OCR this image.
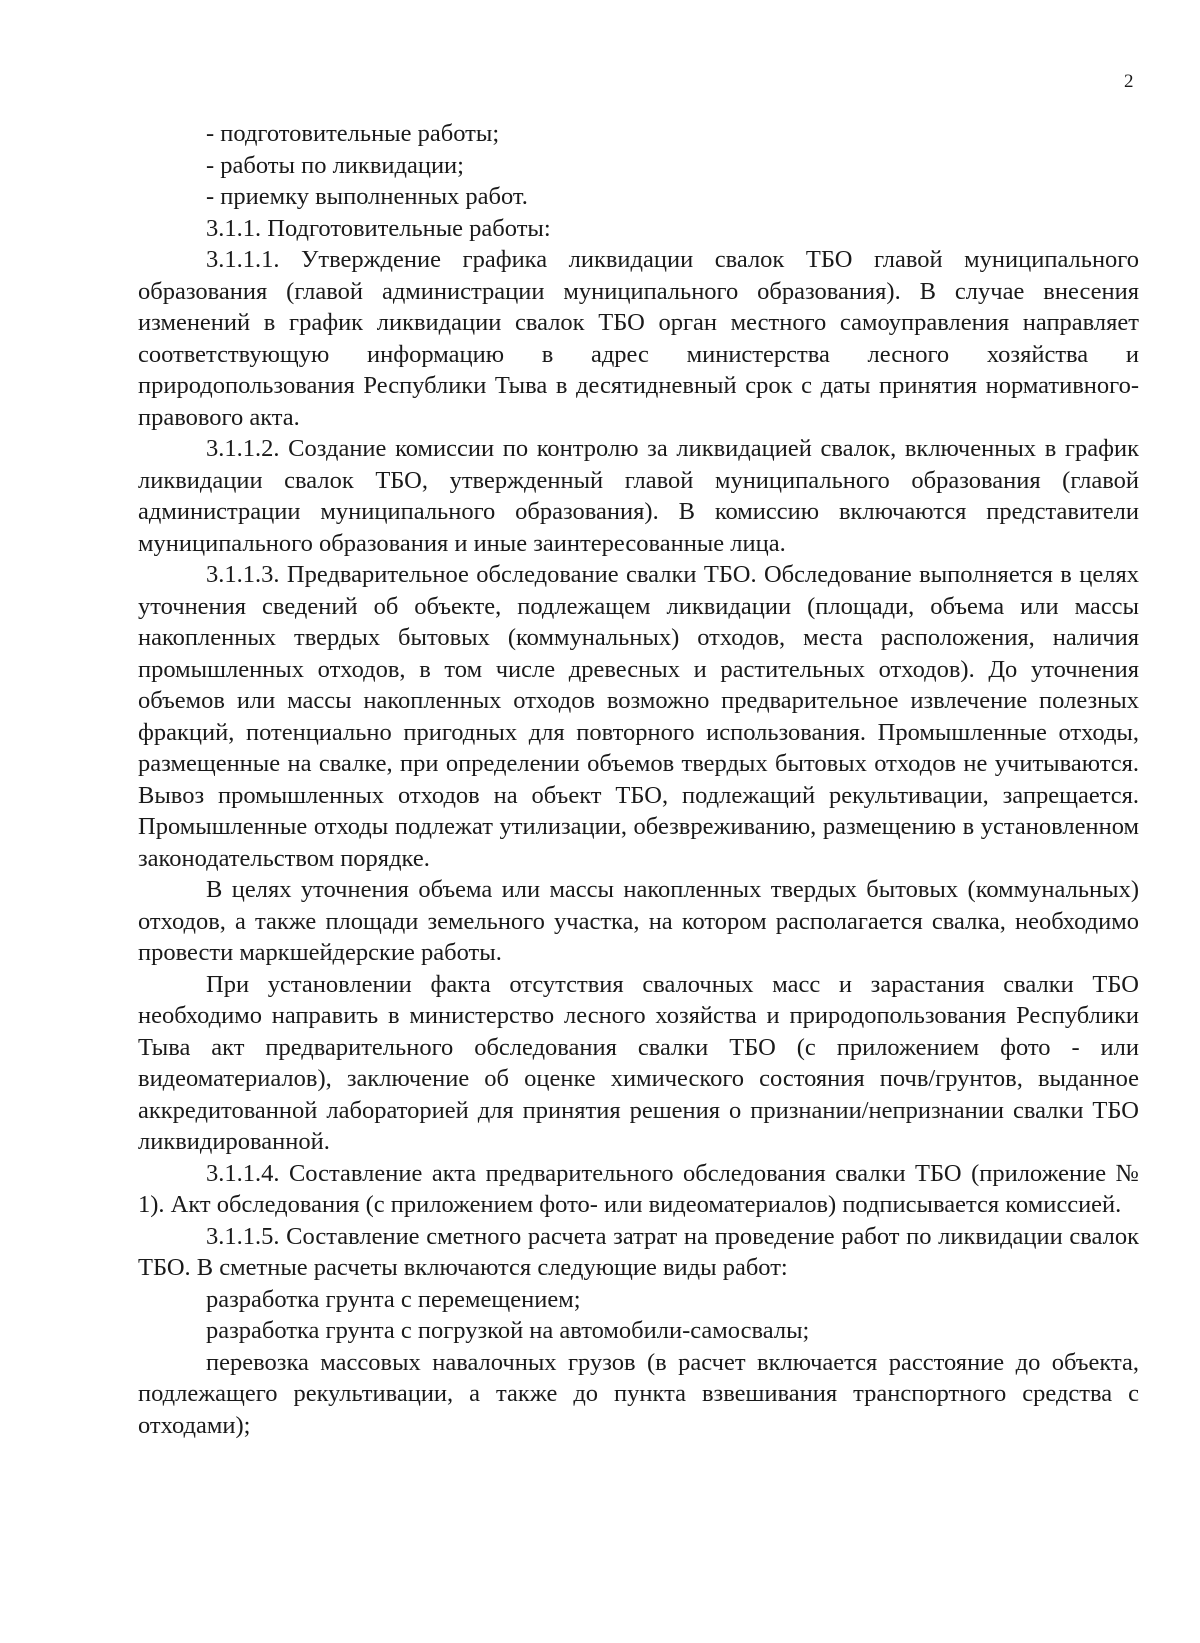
2

- подготовительные работы;

- работы по ликвидации;

- приемку выполненных работ.

3.1.1. Подготовительные работы:

3.1.1.1. Утверждение графика ликвидации свалок ТБО главой муниципального образования (главой администрации муниципального образования). В случае внесения изменений в график ликвидации свалок ТБО орган местного самоуправления направляет соответствующую информацию в адрес министерства лесного хозяйства и природопользования Республики Тыва в десятидневный срок с даты принятия нормативного-правового акта.

3.1.1.2. Создание комиссии по контролю за ликвидацией свалок, включенных в график ликвидации свалок ТБО, утвержденный главой муниципального образования (главой администрации муниципального образования). В комиссию включаются представители муниципального образования и иные заинтересованные лица.

3.1.1.3. Предварительное обследование свалки ТБО. Обследование выполняется в целях уточнения сведений об объекте, подлежащем ликвидации (площади, объема или массы накопленных твердых бытовых (коммунальных) отходов, места расположения, наличия промышленных отходов, в том числе древесных и растительных отходов). До уточнения объемов или массы накопленных отходов возможно предварительное извлечение полезных фракций, потенциально пригодных для повторного использования. Промышленные отходы, размещенные на свалке, при определении объемов твердых бытовых отходов не учитываются. Вывоз промышленных отходов на объект ТБО, подлежащий рекультивации, запрещается. Промышленные отходы подлежат утилизации, обезвреживанию, размещению в установленном законодательством порядке.

В целях уточнения объема или массы накопленных твердых бытовых (коммунальных) отходов, а также площади земельного участка, на котором располагается свалка, необходимо провести маркшейдерские работы.

При установлении факта отсутствия свалочных масс и зарастания свалки ТБО необходимо направить в министерство лесного хозяйства и природопользования Республики Тыва акт предварительного обследования свалки ТБО (с приложением фото - или видеоматериалов), заключение об оценке химического состояния почв/грунтов, выданное аккредитованной лабораторией для принятия решения о признании/непризнании свалки ТБО ликвидированной.

3.1.1.4. Составление акта предварительного обследования свалки ТБО (приложение № 1). Акт обследования (с приложением фото- или видеоматериалов) подписывается комиссией.

3.1.1.5. Составление сметного расчета затрат на проведение работ по ликвидации свалок ТБО. В сметные расчеты включаются следующие виды работ:

разработка грунта с перемещением;

разработка грунта с погрузкой на автомобили-самосвалы;

перевозка массовых навалочных грузов (в расчет включается расстояние до объекта, подлежащего рекультивации, а также до пункта взвешивания транспортного средства с отходами);
